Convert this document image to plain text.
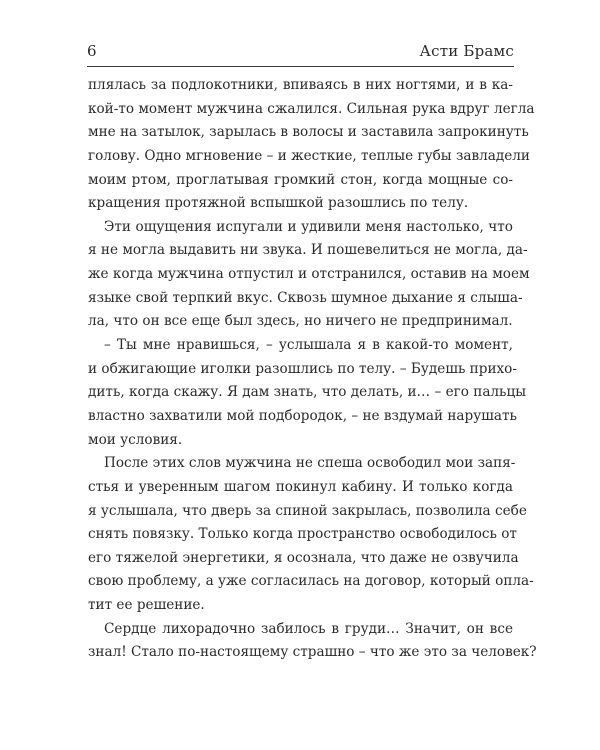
6	Асти Брамс
плялась за подлокотники, впиваясь в них ногтями, и в ка-
кой-то момент мужчина сжалился. Сильная рука вдруг легла
мне на затылок, зарылась в волосы и заставила запрокинуть
голову. Одно мгновение – и жесткие, теплые губы завладели
моим ртом, проглатывая громкий стон, когда мощные со-
кращения протяжной вспышкой разошлись по телу.
Эти ощущения испугали и удивили меня настолько, что
я не могла выдавить ни звука. И пошевелиться не могла, да-
же когда мужчина отпустил и отстранился, оставив на моем
языке свой терпкий вкус. Сквозь шумное дыхание я слыша-
ла, что он все еще был здесь, но ничего не предпринимал.
– Ты мне нравишься, – услышала я в какой-то момент,
и обжигающие иголки разошлись по телу. – Будешь прихо-
дить, когда скажу. Я дам знать, что делать, и… – его пальцы
властно захватили мой подбородок, – не вздумай нарушать
мои условия.
После этих слов мужчина не спеша освободил мои запя-
стья и уверенным шагом покинул кабину. И только когда
я услышала, что дверь за спиной закрылась, позволила себе
снять повязку. Только когда пространство освободилось от
его тяжелой энергетики, я осознала, что даже не озвучила
свою проблему, а уже согласилась на договор, который опла-
тит ее решение.
Сердце лихорадочно забилось в груди… Значит, он все
знал! Стало по-настоящему страшно – что же это за человек?
